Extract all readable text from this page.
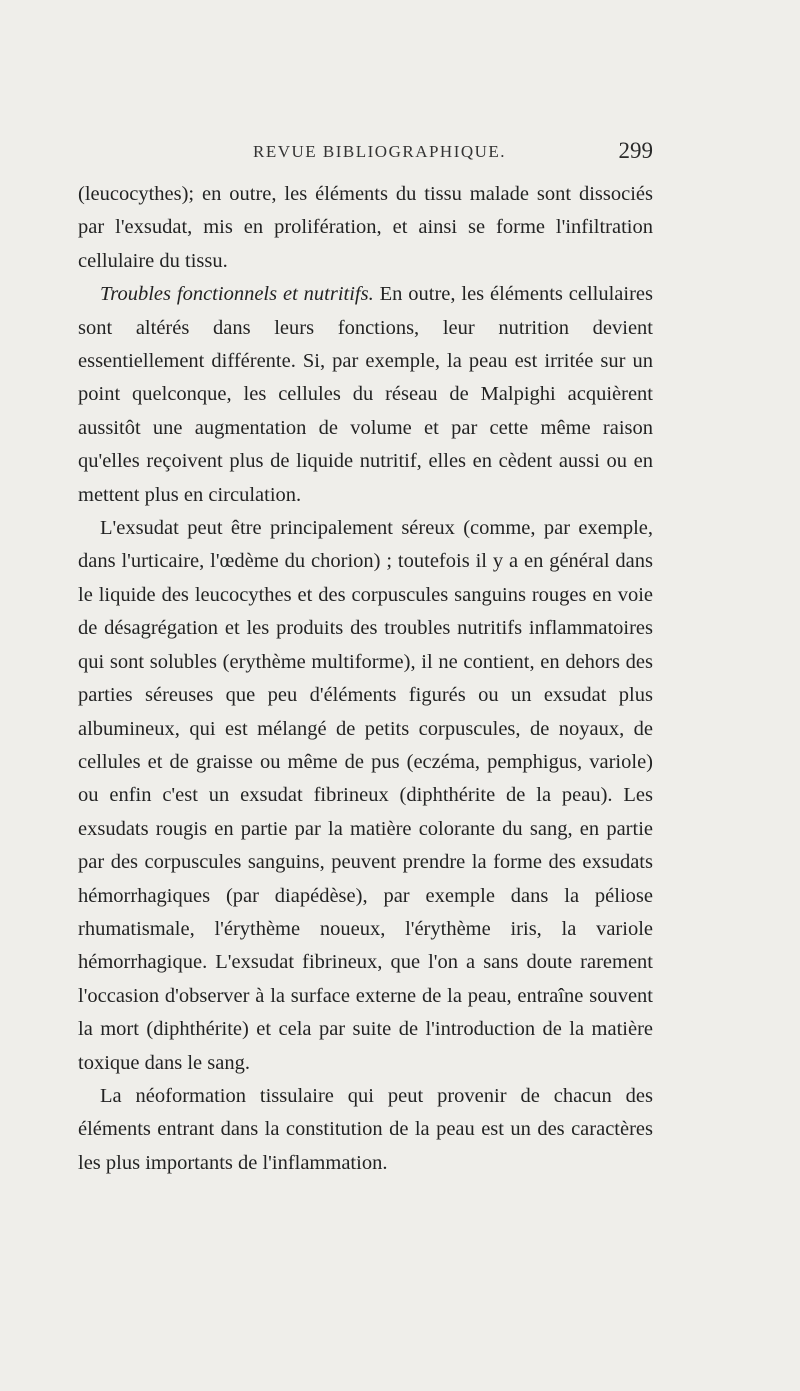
REVUE BIBLIOGRAPHIQUE.	299

(leucocythes); en outre, les éléments du tissu malade sont dissociés par l'exsudat, mis en prolifération, et ainsi se forme l'infiltration cellulaire du tissu.

Troubles fonctionnels et nutritifs. En outre, les éléments cellulaires sont altérés dans leurs fonctions, leur nutrition devient essentiellement différente. Si, par exemple, la peau est irritée sur un point quelconque, les cellules du réseau de Malpighi acquièrent aussitôt une augmentation de volume et par cette même raison qu'elles reçoivent plus de liquide nutritif, elles en cèdent aussi ou en mettent plus en circulation.

L'exsudat peut être principalement séreux (comme, par exemple, dans l'urticaire, l'œdème du chorion) ; toutefois il y a en général dans le liquide des leucocythes et des corpuscules sanguins rouges en voie de désagrégation et les produits des troubles nutritifs inflammatoires qui sont solubles (erythème multiforme), il ne contient, en dehors des parties séreuses que peu d'éléments figurés ou un exsudat plus albumineux, qui est mélangé de petits corpuscules, de noyaux, de cellules et de graisse ou même de pus (eczéma, pemphigus, variole) ou enfin c'est un exsudat fibrineux (diphthérite de la peau). Les exsudats rougis en partie par la matière colorante du sang, en partie par des corpuscules sanguins, peuvent prendre la forme des exsudats hémorrhagiques (par diapédèse), par exemple dans la péliose rhumatismale, l'érythème noueux, l'érythème iris, la variole hémorrhagique. L'exsudat fibrineux, que l'on a sans doute rarement l'occasion d'observer à la surface externe de la peau, entraîne souvent la mort (diphthérite) et cela par suite de l'introduction de la matière toxique dans le sang.

La néoformation tissulaire qui peut provenir de chacun des éléments entrant dans la constitution de la peau est un des caractères les plus importants de l'inflammation.
